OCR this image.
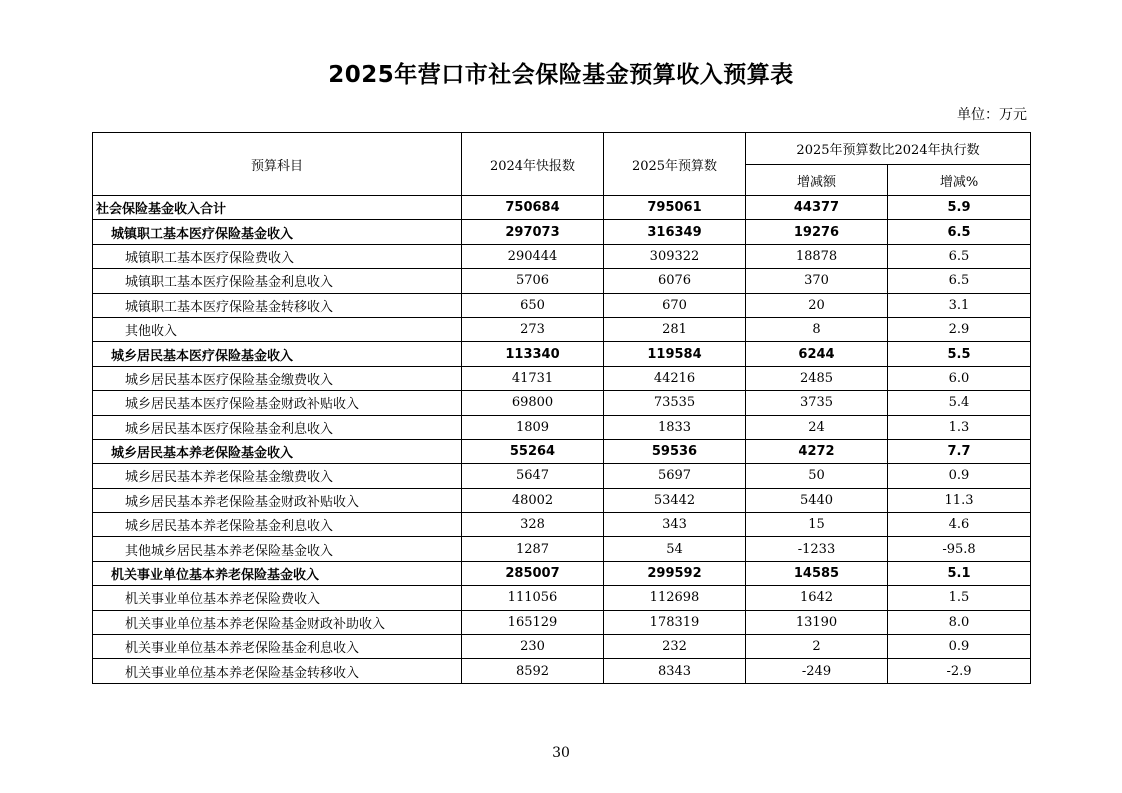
2025年营口市社会保险基金预算收入预算表
单位：万元
预算科目	2024年快报数	2025年预算数	2025年预算数比2024年执行数	
			增减额	增减%
社会保险基金收入合计	750684	795061	44377	5.9
城镇职工基本医疗保险基金收入	297073	316349	19276	6.5
城镇职工基本医疗保险费收入	290444	309322	18878	6.5
城镇职工基本医疗保险基金利息收入	5706	6076	370	6.5
城镇职工基本医疗保险基金转移收入	650	670	20	3.1
其他收入	273	281	8	2.9
城乡居民基本医疗保险基金收入	113340	119584	6244	5.5
城乡居民基本医疗保险基金缴费收入	41731	44216	2485	6.0
城乡居民基本医疗保险基金财政补贴收入	69800	73535	3735	5.4
城乡居民基本医疗保险基金利息收入	1809	1833	24	1.3
城乡居民基本养老保险基金收入	55264	59536	4272	7.7
城乡居民基本养老保险基金缴费收入	5647	5697	50	0.9
城乡居民基本养老保险基金财政补贴收入	48002	53442	5440	11.3
城乡居民基本养老保险基金利息收入	328	343	15	4.6
其他城乡居民基本养老保险基金收入	1287	54	-1233	-95.8
机关事业单位基本养老保险基金收入	285007	299592	14585	5.1
机关事业单位基本养老保险费收入	111056	112698	1642	1.5
机关事业单位基本养老保险基金财政补助收入	165129	178319	13190	8.0
机关事业单位基本养老保险基金利息收入	230	232	2	0.9
机关事业单位基本养老保险基金转移收入	8592	8343	-249	-2.9
30
